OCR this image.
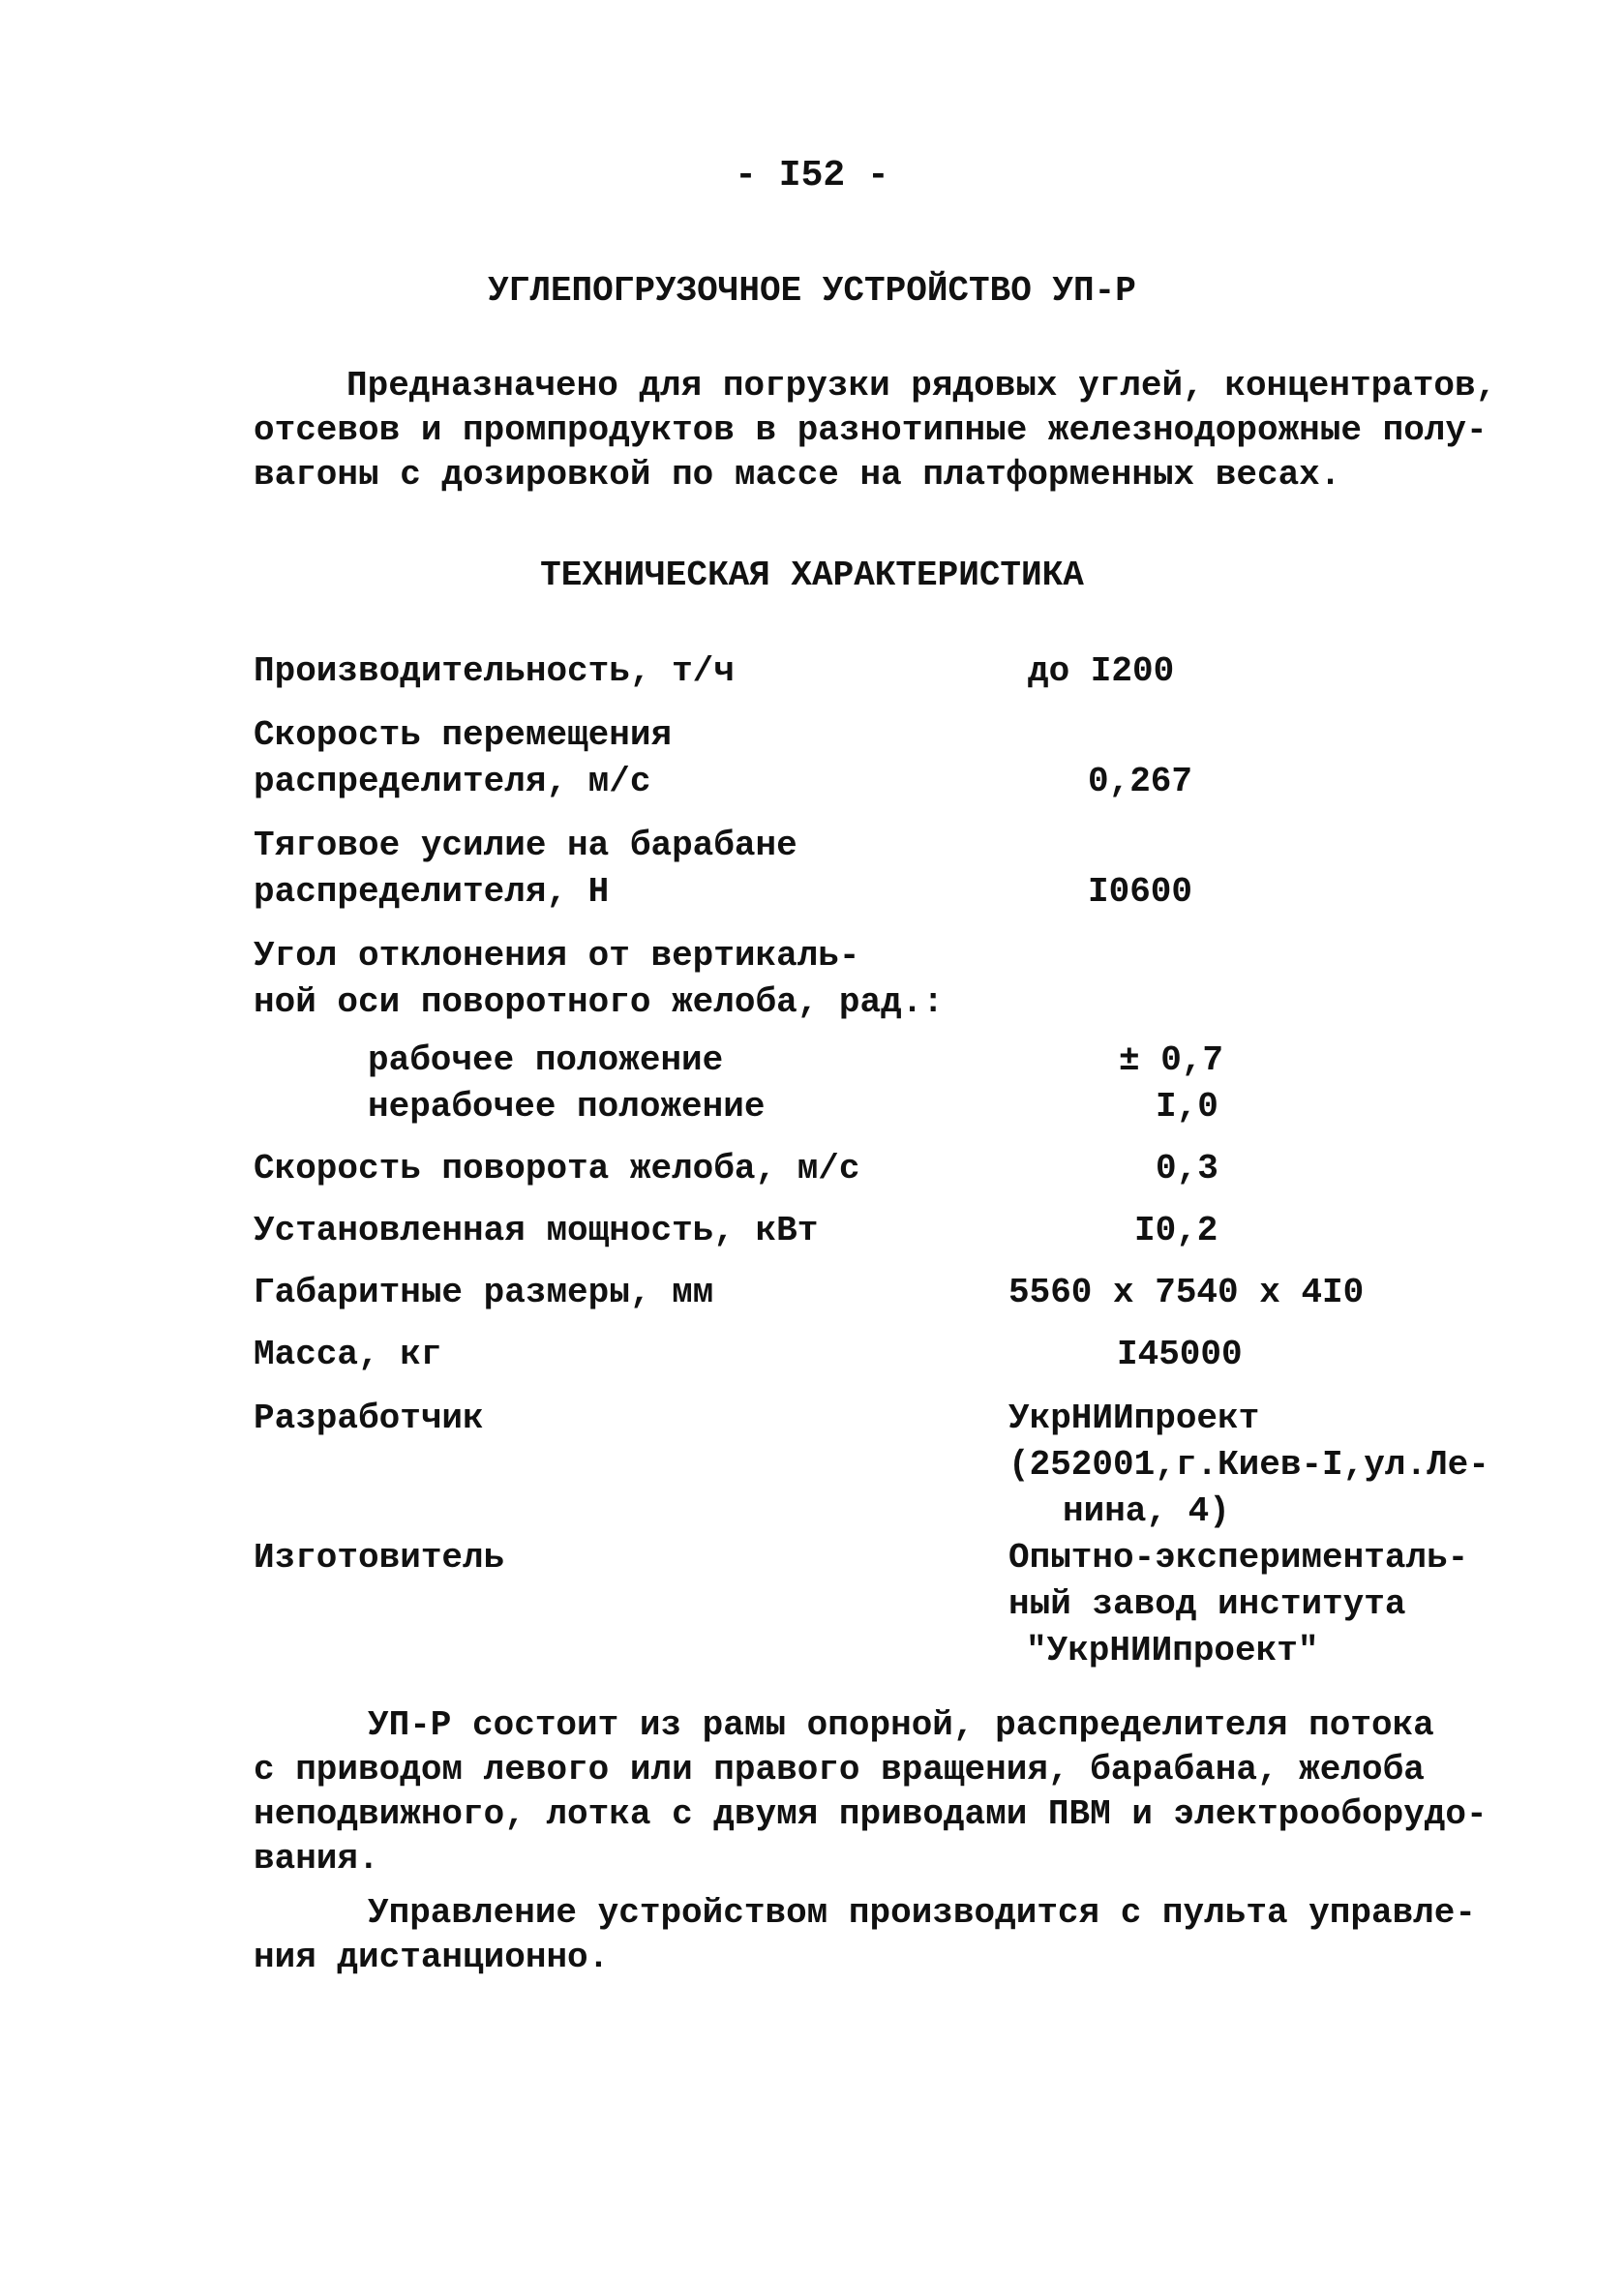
- I52 -
УГЛЕПОГРУЗОЧНОЕ УСТРОЙСТВО УП-Р
Предназначено для погрузки рядовых углей, концентратов,
отсевов и промпродуктов в разнотипные железнодорожные полу-
вагоны с дозировкой по массе на платформенных весах.
ТЕХНИЧЕСКАЯ ХАРАКТЕРИСТИКА
Производительность, т/ч	до I200
Скорость перемещения
распределителя, м/с	0,267
Тяговое усилие на барабане
распределителя, Н	I0600
Угол отклонения от вертикаль-
ной оси поворотного желоба, рад.:
рабочее положение	± 0,7
нерабочее положение	I,0
Скорость поворота желоба, м/с	0,3
Установленная мощность, кВт	I0,2
Габаритные размеры, мм	5560 х 7540 х 4I0
Масса, кг	I45000
Разработчик	УкрНИИпроект
(252001,г.Киев-I,ул.Ле-
нина, 4)
Изготовитель	Опытно-эксперименталь-
ный завод института
"УкрНИИпроект"
УП-Р состоит из рамы опорной, распределителя потока
с приводом левого или правого вращения, барабана, желоба
неподвижного, лотка с двумя приводами ПВМ и электрооборудо-
вания.
Управление устройством производится с пульта управле-
ния дистанционно.
